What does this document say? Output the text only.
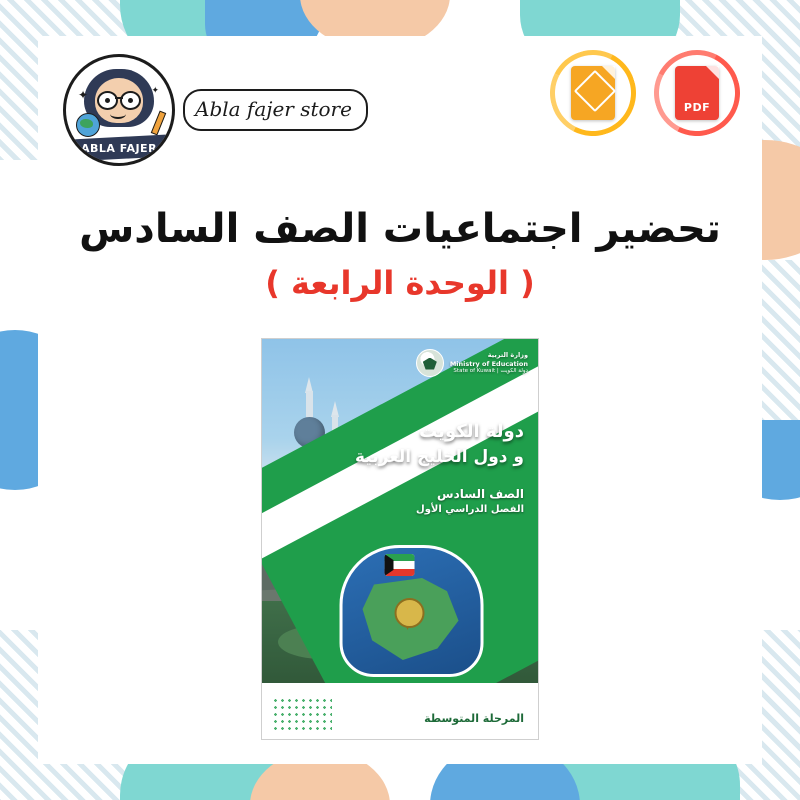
✦	✦
ABLA FAJER
Abla fajer store	PDF
تحضير اجتماعيات الصف السادس
( الوحدة الرابعة )
وزارة التربية
Ministry of Education
دولة الكويت | State of Kuwait
دولة الكويت
و دول الخليج العربية
الصف السادس
الفصل الدراسي الأول
المرحلة المتوسطة
